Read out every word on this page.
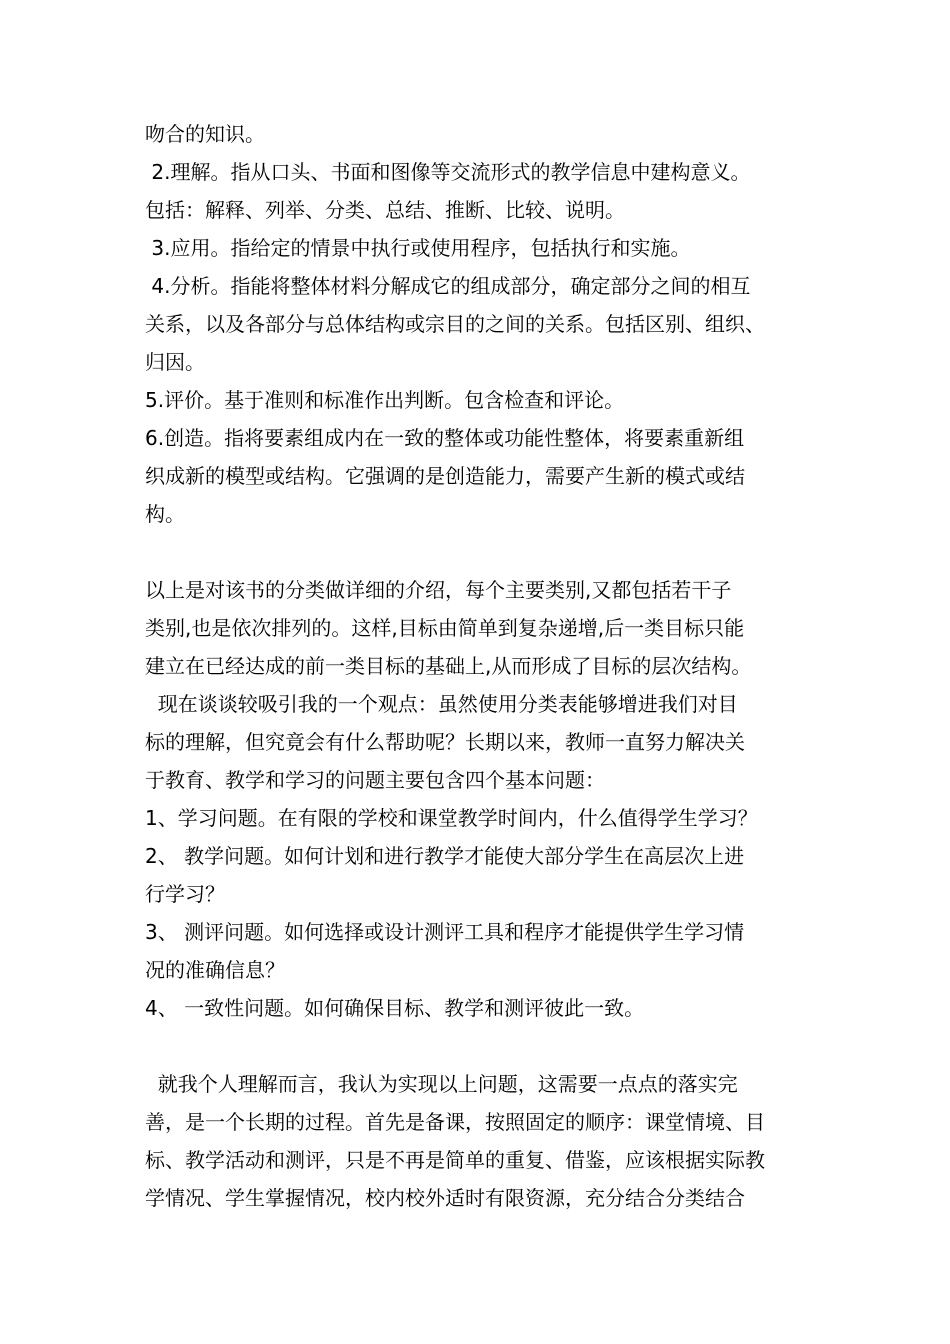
吻合的知识。
2.理解。指从口头、书面和图像等交流形式的教学信息中建构意义。
包括：解释、列举、分类、总结、推断、比较、说明。
3.应用。指给定的情景中执行或使用程序，包括执行和实施。
4.分析。指能将整体材料分解成它的组成部分，确定部分之间的相互
关系，以及各部分与总体结构或宗目的之间的关系。包括区别、组织、
归因。
5.评价。基于准则和标准作出判断。包含检查和评论。
6.创造。指将要素组成内在一致的整体或功能性整体，将要素重新组
织成新的模型或结构。它强调的是创造能力，需要产生新的模式或结
构。
以上是对该书的分类做详细的介绍，每个主要类别,又都包括若干子
类别,也是依次排列的。这样,目标由简单到复杂递增,后一类目标只能
建立在已经达成的前一类目标的基础上,从而形成了目标的层次结构。
现在谈谈较吸引我的一个观点：虽然使用分类表能够增进我们对目
标的理解，但究竟会有什么帮助呢？长期以来，教师一直努力解决关
于教育、教学和学习的问题主要包含四个基本问题：
1、学习问题。在有限的学校和课堂教学时间内，什么值得学生学习？
2、 教学问题。如何计划和进行教学才能使大部分学生在高层次上进
行学习？
3、 测评问题。如何选择或设计测评工具和程序才能提供学生学习情
况的准确信息？
4、 一致性问题。如何确保目标、教学和测评彼此一致。
就我个人理解而言，我认为实现以上问题，这需要一点点的落实完
善，是一个长期的过程。首先是备课，按照固定的顺序：课堂情境、目
标、教学活动和测评，只是不再是简单的重复、借鉴，应该根据实际教
学情况、学生掌握情况，校内校外适时有限资源，充分结合分类结合
